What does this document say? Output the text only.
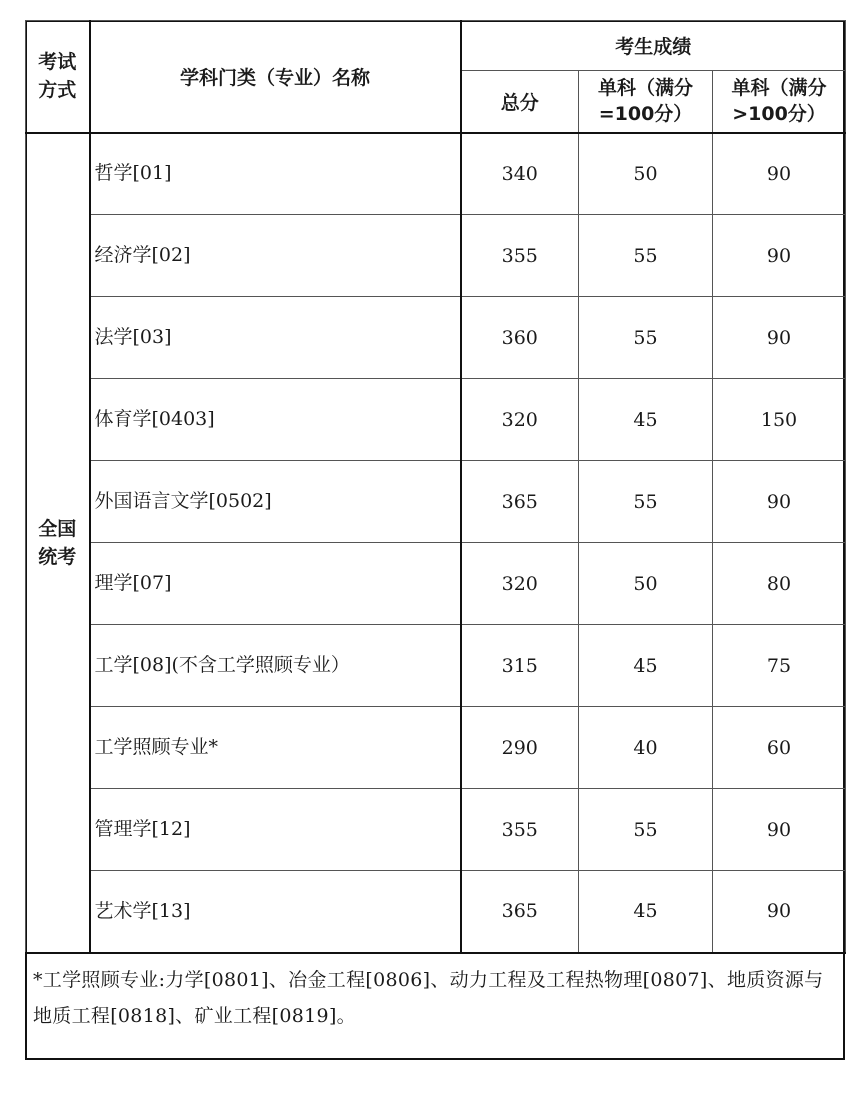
考试方式	学科门类（专业）名称	考生成绩		
		总分	单科（满分=100分）	单科（满分>100分）
全国统考	哲学[01]	340	50	90
	经济学[02]	355	55	90
	法学[03]	360	55	90
	体育学[0403]	320	45	150
	外国语言文学[0502]	365	55	90
	理学[07]	320	50	80
	工学[08](不含工学照顾专业）	315	45	75
	工学照顾专业*	290	40	60
	管理学[12]	355	55	90
	艺术学[13]	365	45	90
*工学照顾专业:力学[0801]、冶金工程[0806]、动力工程及工程热物理[0807]、地质资源与地质工程[0818]、矿业工程[0819]。
